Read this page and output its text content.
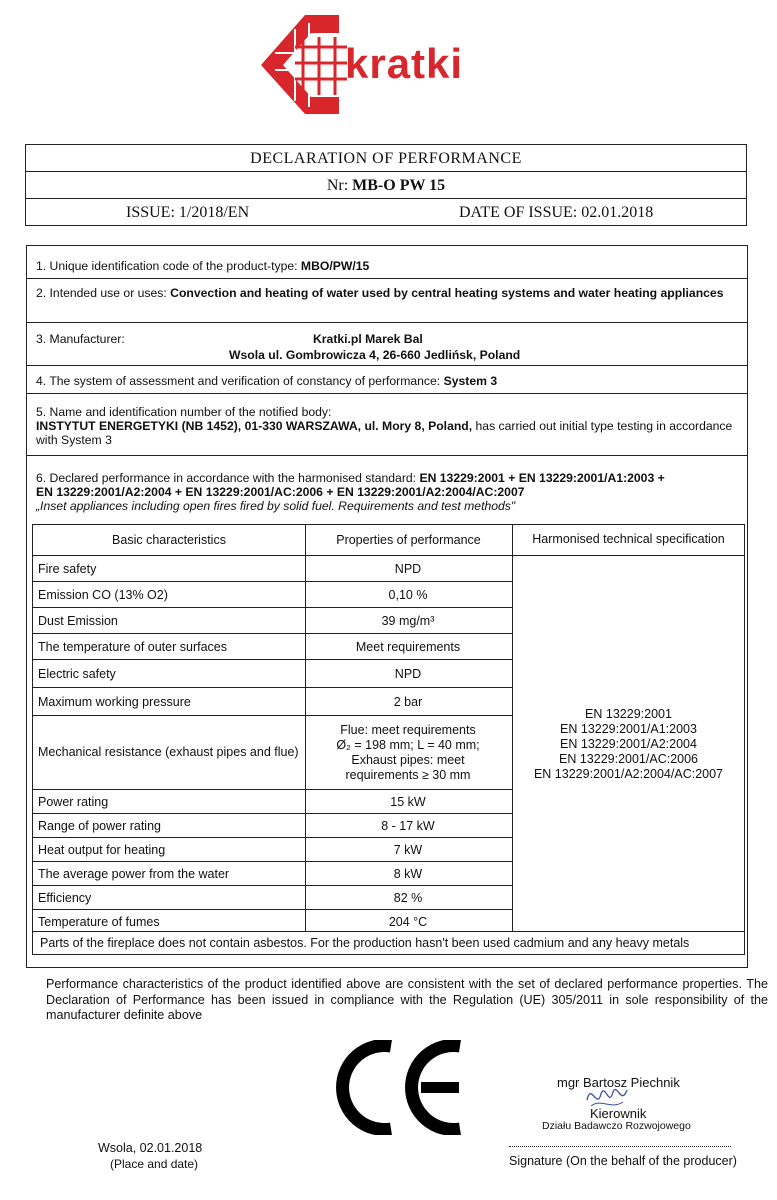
kratki
DECLARATION OF PERFORMANCE
Nr: MB-O PW 15
ISSUE: 1/2018/EN	DATE OF ISSUE: 02.01.2018
1. Unique identification code of the product-type: MBO/PW/15
2. Intended use or uses: Convection and heating of water used by central heating systems and water heating appliances
3. Manufacturer:	Kratki.pl Marek Bal
Wsola ul. Gombrowicza 4, 26-660 Jedlińsk, Poland
4. The system of assessment and verification of constancy of performance: System 3
5. Name and identification number of the notified body:
INSTYTUT ENERGETYKI (NB 1452), 01-330 WARSZAWA, ul. Mory 8, Poland, has carried out initial type testing in accordance with System 3
6. Declared performance in accordance with the harmonised standard: EN 13229:2001 + EN 13229:2001/A1:2003 +
EN 13229:2001/A2:2004 + EN 13229:2001/AC:2006 + EN 13229:2001/A2:2004/AC:2007
„Inset appliances including open fires fired by solid fuel. Requirements and test methods"
Basic characteristics	Properties of performance	Harmonised technical specification
Fire safety	NPD
Emission CO (13% O2)	0,10 %
Dust Emission	39 mg/m³
The temperature of outer surfaces	Meet requirements
Electric safety	NPD
Maximum working pressure	2 bar
Mechanical resistance (exhaust pipes and flue)
Flue: meet requirements
Ø₂ = 198 mm; L = 40 mm;
Exhaust pipes: meet
requirements ≥ 30 mm
Power rating	15 kW
Range of power rating	8 - 17 kW
Heat output for heating	7 kW
The average power from the water	8 kW
Efficiency	82 %
Temperature of fumes	204 °C
EN 13229:2001
EN 13229:2001/A1:2003
EN 13229:2001/A2:2004
EN 13229:2001/AC:2006
EN 13229:2001/A2:2004/AC:2007
Parts of the fireplace does not contain asbestos. For the production hasn't been used cadmium and any heavy metals
Performance characteristics of the product identified above are consistent with the set of declared performance properties. The Declaration of Performance has been issued in compliance with the Regulation (UE) 305/2011 in sole responsibility of the manufacturer definite above
mgr Bartosz Piechnik
Kierownik
Działu Badawczo Rozwojowego
Signature (On the behalf of the producer)
Wsola, 02.01.2018
(Place and date)
